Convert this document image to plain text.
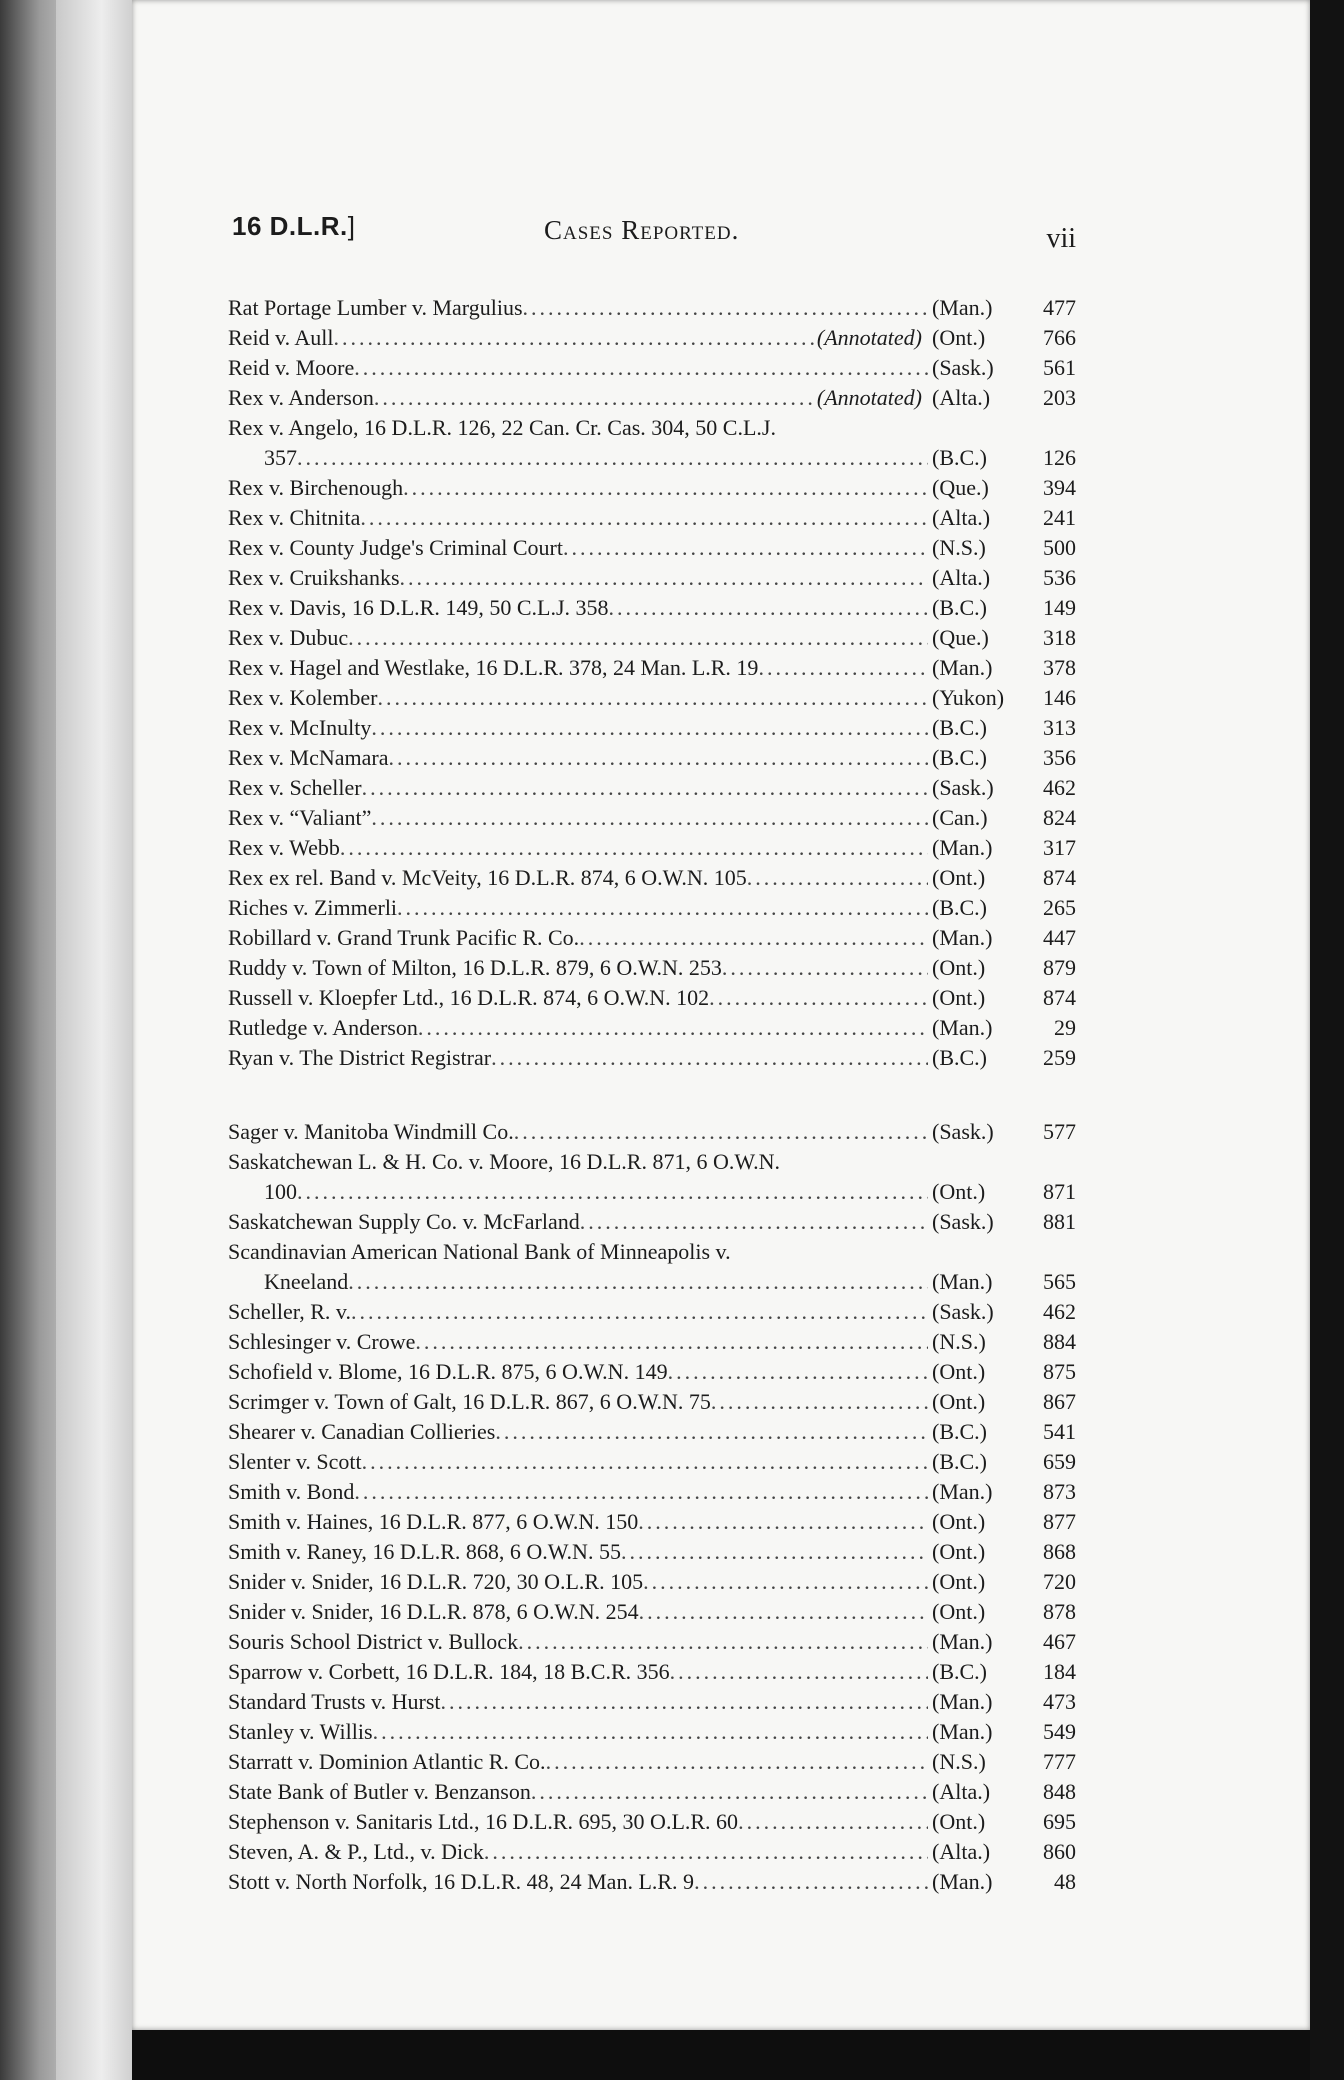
16 D.L.R.]	Cases Reported.	vii
Rat Portage Lumber v. Margulius .....	(Man.)	477
Reid v. Aull .....	(Annotated) (Ont.)	766
Reid v. Moore .....	(Sask.)	561
Rex v. Anderson .....	(Annotated) (Alta.)	203
Rex v. Angelo, 16 D.L.R. 126, 22 Can. Cr. Cas. 304, 50 C.L.J.
357 .....	(B.C.)	126
Rex v. Birchenough .....	(Que.)	394
Rex v. Chitnita .....	(Alta.)	241
Rex v. County Judge's Criminal Court .....	(N.S.)	500
Rex v. Cruikshanks .....	(Alta.)	536
Rex v. Davis, 16 D.L.R. 149, 50 C.L.J. 358 .....	(B.C.)	149
Rex v. Dubuc .....	(Que.)	318
Rex v. Hagel and Westlake, 16 D.L.R. 378, 24 Man. L.R. 19 .....	(Man.)	378
Rex v. Kolember .....	(Yukon)	146
Rex v. McInulty .....	(B.C.)	313
Rex v. McNamara .....	(B.C.)	356
Rex v. Scheller .....	(Sask.)	462
Rex v. “Valiant” .....	(Can.)	824
Rex v. Webb .....	(Man.)	317
Rex ex rel. Band v. McVeity, 16 D.L.R. 874, 6 O.W.N. 105 .....	(Ont.)	874
Riches v. Zimmerli .....	(B.C.)	265
Robillard v. Grand Trunk Pacific R. Co. .....	(Man.)	447
Ruddy v. Town of Milton, 16 D.L.R. 879, 6 O.W.N. 253 .....	(Ont.)	879
Russell v. Kloepfer Ltd., 16 D.L.R. 874, 6 O.W.N. 102 .....	(Ont.)	874
Rutledge v. Anderson .....	(Man.)	29
Ryan v. The District Registrar .....	(B.C.)	259
Sager v. Manitoba Windmill Co. .....	(Sask.)	577
Saskatchewan L. & H. Co. v. Moore, 16 D.L.R. 871, 6 O.W.N.
100 .....	(Ont.)	871
Saskatchewan Supply Co. v. McFarland .....	(Sask.)	881
Scandinavian American National Bank of Minneapolis v.
Kneeland .....	(Man.)	565
Scheller, R. v. .....	(Sask.)	462
Schlesinger v. Crowe .....	(N.S.)	884
Schofield v. Blome, 16 D.L.R. 875, 6 O.W.N. 149 .....	(Ont.)	875
Scrimger v. Town of Galt, 16 D.L.R. 867, 6 O.W.N. 75 .....	(Ont.)	867
Shearer v. Canadian Collieries .....	(B.C.)	541
Slenter v. Scott .....	(B.C.)	659
Smith v. Bond .....	(Man.)	873
Smith v. Haines, 16 D.L.R. 877, 6 O.W.N. 150 .....	(Ont.)	877
Smith v. Raney, 16 D.L.R. 868, 6 O.W.N. 55 .....	(Ont.)	868
Snider v. Snider, 16 D.L.R. 720, 30 O.L.R. 105 .....	(Ont.)	720
Snider v. Snider, 16 D.L.R. 878, 6 O.W.N. 254 .....	(Ont.)	878
Souris School District v. Bullock .....	(Man.)	467
Sparrow v. Corbett, 16 D.L.R. 184, 18 B.C.R. 356 .....	(B.C.)	184
Standard Trusts v. Hurst .....	(Man.)	473
Stanley v. Willis .....	(Man.)	549
Starratt v. Dominion Atlantic R. Co. .....	(N.S.)	777
State Bank of Butler v. Benzanson .....	(Alta.)	848
Stephenson v. Sanitaris Ltd., 16 D.L.R. 695, 30 O.L.R. 60 .....	(Ont.)	695
Steven, A. & P., Ltd., v. Dick .....	(Alta.)	860
Stott v. North Norfolk, 16 D.L.R. 48, 24 Man. L.R. 9 .....	(Man.)	48
